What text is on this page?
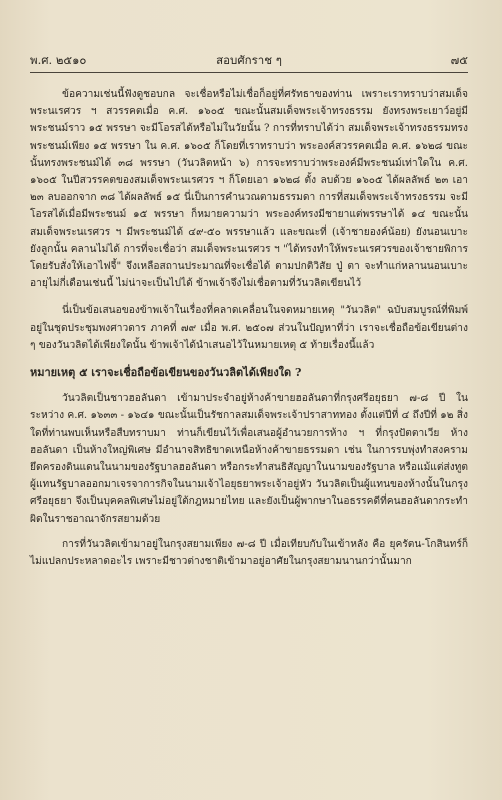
พ.ศ. ๒๕๑๐	สอบศักราช ๆ	๗๕

ข้อความเช่นนี้ฟังดูชอบกล จะเชื่อหรือไม่เชื่อก็อยู่ที่ศรัทธาของท่าน เพราะเราทราบว่าสมเด็จพระนเรศวร ฯ สวรรคตเมื่อ ค.ศ. ๑๖๐๕ ขณะนั้นสมเด็จพระเจ้าทรงธรรม ยังทรงพระเยาว์อยู่มีพระชนม์ราว ๑๕ พรรษา จะมีโอรสได้หรือไม่ในวัยนั้น ? การที่ทราบได้ว่า สมเด็จพระเจ้าทรงธรรมทรงพระชนม์เพียง ๑๕ พรรษา ใน ค.ศ. ๑๖๐๕ ก็โดยที่เราทราบว่า พระองค์สวรรคตเมื่อ ค.ศ. ๑๖๒๘ ขณะนั้นทรงพระชนม์ได้ ๓๘ พรรษา (วันวลิตหน้า ๖) การจะทราบว่าพระองค์มีพระชนม์เท่าใดใน ค.ศ. ๑๖๐๕ ในปีสวรรคตของสมเด็จพระนเรศวร ฯ ก็โดยเอา ๑๖๒๘ ตั้ง ลบด้วย ๑๖๐๕ ได้ผลลัพธ์ ๒๓ เอา ๒๓ ลบออกจาก ๓๘ ได้ผลลัพธ์ ๑๕ นี่เป็นการคำนวณตามธรรมดา การที่สมเด็จพระเจ้าทรงธรรม จะมีโอรสได้เมื่อมีพระชนม์ ๑๕ พรรษา ก็หมายความว่า พระองค์ทรงมีชายาแต่พรรษาได้ ๑๔ ขณะนั้นสมเด็จพระนเรศวร ฯ มีพระชนม์ได้ ๔๙-๕๐ พรรษาแล้ว และขณะที่ (เจ้าชายองค์น้อย) ยังนอนเบาะ ยังลูกนั้น คลานไม่ได้ การที่จะเชื่อว่า สมเด็จพระนเรศวร ฯ "ได้ทรงทำให้พระนเรศวรของเจ้าชายพิการ โดยรับสั่งให้เอาไฟจี้" จึงเหลือสถานประมาณที่จะเชื่อได้ ตามปกติวิสัย ปู่ ตา จะทำแก่หลานนอนเบาะอายุไม่กี่เดือนเช่นนี้ ไม่น่าจะเป็นไปได้ ข้าพเจ้าจึงไม่เชื่อตามที่วันวลิตเขียนไว้

นี่เป็นข้อเสนอของข้าพเจ้าในเรื่องที่คลาดเคลื่อนในจดหมายเหตุ "วันวลิต" ฉบับสมบูรณ์ที่พิมพ์อยู่ในชุดประชุมพงศาวดาร ภาคที่ ๗๙ เมื่อ พ.ศ. ๒๕๐๗ ส่วนในปัญหาที่ว่า เราจะเชื่อถือข้อเขียนต่าง ๆ ของวันวลิตได้เพียงใดนั้น ข้าพเจ้าได้นำเสนอไว้ในหมายเหตุ ๕ ท้ายเรื่องนี้แล้ว

หมายเหตุ ๕ เราจะเชื่อถือข้อเขียนของวันวลิตได้เพียงใด ?

วันวลิตเป็นชาวฮอลันดา เข้ามาประจำอยู่ห้างค้าขายฮอลันดาที่กรุงศรีอยุธยา ๗-๘ ปี ในระหว่าง ค.ศ. ๑๖๓๓ - ๑๖๔๑ ขณะนั้นเป็นรัชกาลสมเด็จพระเจ้าปราสาททอง ตั้งแต่ปีที่ ๔ ถึงปีที่ ๑๒ สิ่งใดที่ท่านพบเห็นหรือสืบทราบมา ท่านก็เขียนไว้เพื่อเสนอผู้อำนวยการห้าง ฯ ที่กรุงปัตตาเวีย ห้างฮอลันดา เป็นห้างใหญ่พิเศษ มีอำนาจสิทธิขาดเหนือห้างค้าขายธรรมดา เช่น ในการรบพุ่งทำสงครามยึดครองดินแดนในนามของรัฐบาลฮอลันดา หรือกระทำสนธิสัญญาในนามของรัฐบาล หรือแม้แต่ส่งทูตผู้แทนรัฐบาลออกมาเจรจาการกิจในนามเจ้าไอยุธยาพระเจ้าอยู่หัว วันวลิตเป็นผู้แทนของห้างนั้นในกรุงศรีอยุธยา จึงเป็นบุคคลพิเศษไม่อยู่ใต้กฎหมายไทย และยังเป็นผู้พากษาในอธรรคดีที่คนฮอลันดากระทำผิดในราชอาณาจักรสยามด้วย

การที่วันวลิตเข้ามาอยู่ในกรุงสยามเพียง ๗-๘ ปี เมื่อเทียบกับในเข้าหลัง คือ ยุครัตน-โกสินทร์ก็ไม่แปลกประหลาดอะไร เพราะมีชาวต่างชาติเข้ามาอยู่อาศัยในกรุงสยามนานกว่านั้นมาก
